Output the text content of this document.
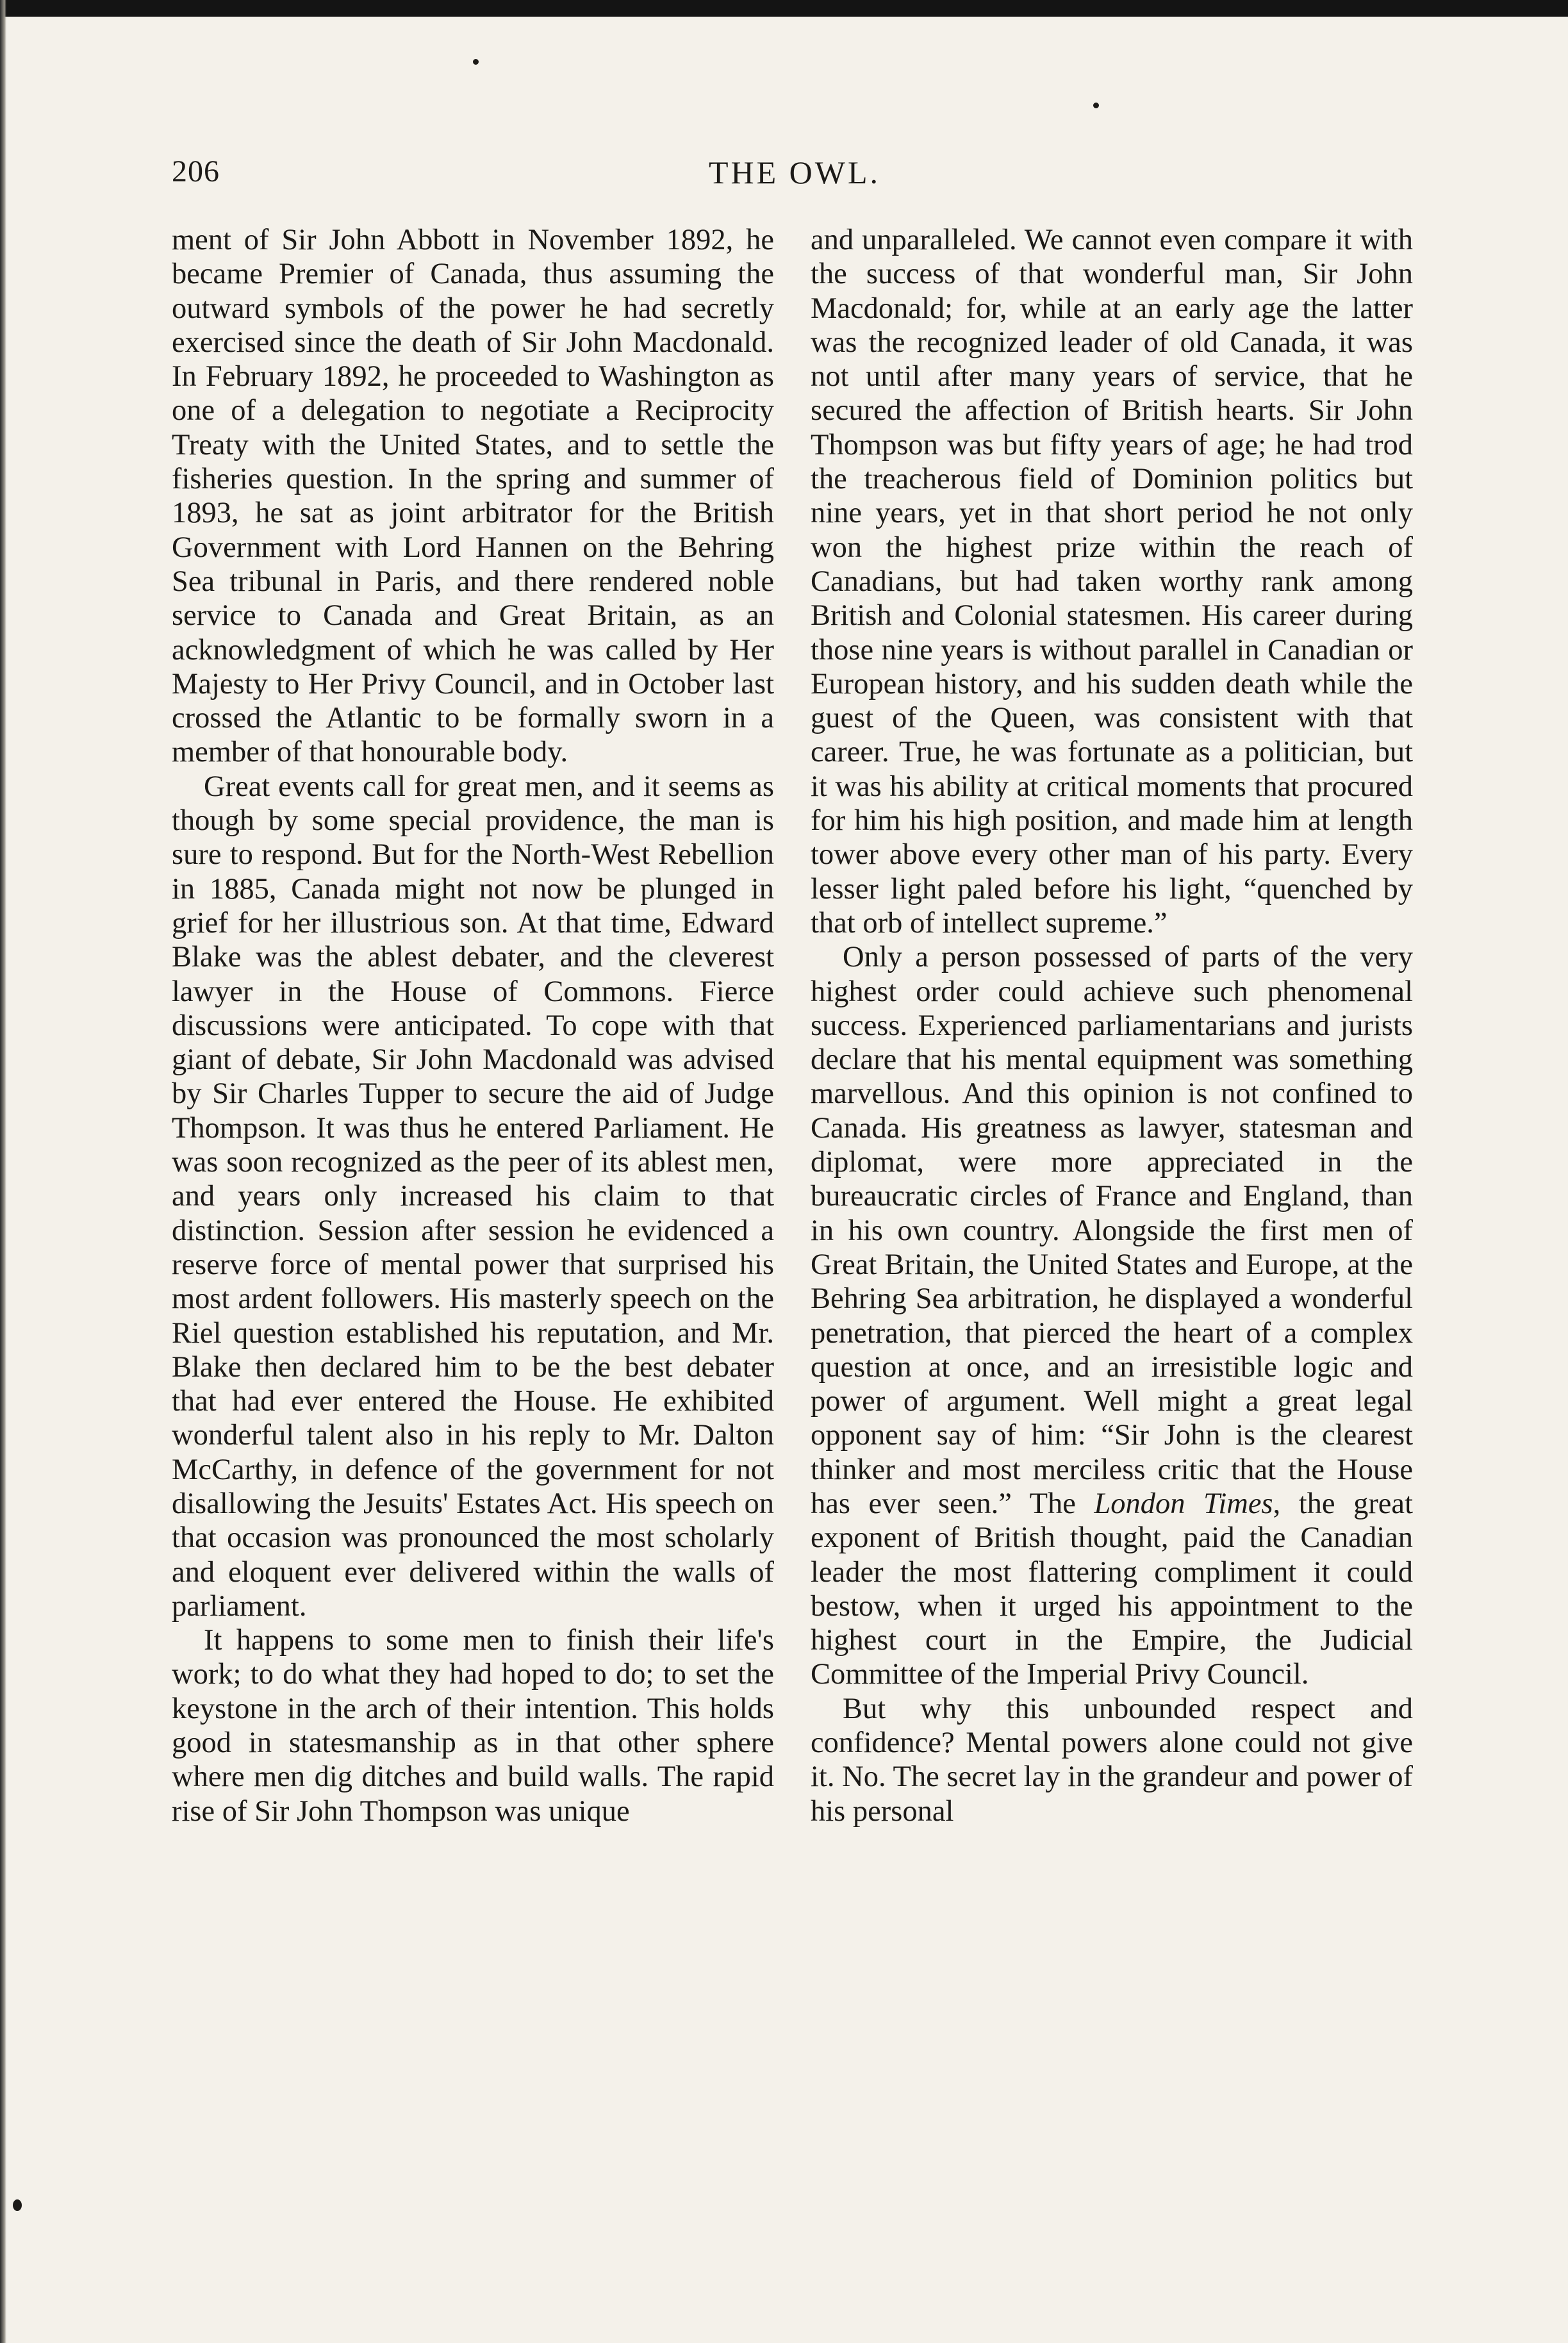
206	THE OWL.

ment of Sir John Abbott in November 1892, he became Premier of Canada, thus assuming the outward symbols of the power he had secretly exercised since the death of Sir John Macdonald. In February 1892, he proceeded to Washington as one of a delegation to negotiate a Reciprocity Treaty with the United States, and to settle the fisheries question. In the spring and summer of 1893, he sat as joint arbitrator for the British Government with Lord Hannen on the Behring Sea tribunal in Paris, and there rendered noble service to Canada and Great Britain, as an acknowledgment of which he was called by Her Majesty to Her Privy Council, and in October last crossed the Atlantic to be formally sworn in a member of that honourable body.

Great events call for great men, and it seems as though by some special providence, the man is sure to respond. But for the North-West Rebellion in 1885, Canada might not now be plunged in grief for her illustrious son. At that time, Edward Blake was the ablest debater, and the cleverest lawyer in the House of Commons. Fierce discussions were anticipated. To cope with that giant of debate, Sir John Macdonald was advised by Sir Charles Tupper to secure the aid of Judge Thompson. It was thus he entered Parliament. He was soon recognized as the peer of its ablest men, and years only increased his claim to that distinction. Session after session he evidenced a reserve force of mental power that surprised his most ardent followers. His masterly speech on the Riel question established his reputation, and Mr. Blake then declared him to be the best debater that had ever entered the House. He exhibited wonderful talent also in his reply to Mr. Dalton McCarthy, in defence of the government for not disallowing the Jesuits' Estates Act. His speech on that occasion was pronounced the most scholarly and eloquent ever delivered within the walls of parliament.

It happens to some men to finish their life's work; to do what they had hoped to do; to set the keystone in the arch of their intention. This holds good in statesmanship as in that other sphere where men dig ditches and build walls. The rapid rise of Sir John Thompson was unique

and unparalleled. We cannot even compare it with the success of that wonderful man, Sir John Macdonald; for, while at an early age the latter was the recognized leader of old Canada, it was not until after many years of service, that he secured the affection of British hearts. Sir John Thompson was but fifty years of age; he had trod the treacherous field of Dominion politics but nine years, yet in that short period he not only won the highest prize within the reach of Canadians, but had taken worthy rank among British and Colonial statesmen. His career during those nine years is without parallel in Canadian or European history, and his sudden death while the guest of the Queen, was consistent with that career. True, he was fortunate as a politician, but it was his ability at critical moments that procured for him his high position, and made him at length tower above every other man of his party. Every lesser light paled before his light, “quenched by that orb of intellect supreme.”

Only a person possessed of parts of the very highest order could achieve such phenomenal success. Experienced parliamentarians and jurists declare that his mental equipment was something marvellous. And this opinion is not confined to Canada. His greatness as lawyer, statesman and diplomat, were more appreciated in the bureaucratic circles of France and England, than in his own country. Alongside the first men of Great Britain, the United States and Europe, at the Behring Sea arbitration, he displayed a wonderful penetration, that pierced the heart of a complex question at once, and an irresistible logic and power of argument. Well might a great legal opponent say of him: “Sir John is the clearest thinker and most merciless critic that the House has ever seen.” The London Times, the great exponent of British thought, paid the Canadian leader the most flattering compliment it could bestow, when it urged his appointment to the highest court in the Empire, the Judicial Committee of the Imperial Privy Council.

But why this unbounded respect and confidence? Mental powers alone could not give it. No. The secret lay in the grandeur and power of his personal
